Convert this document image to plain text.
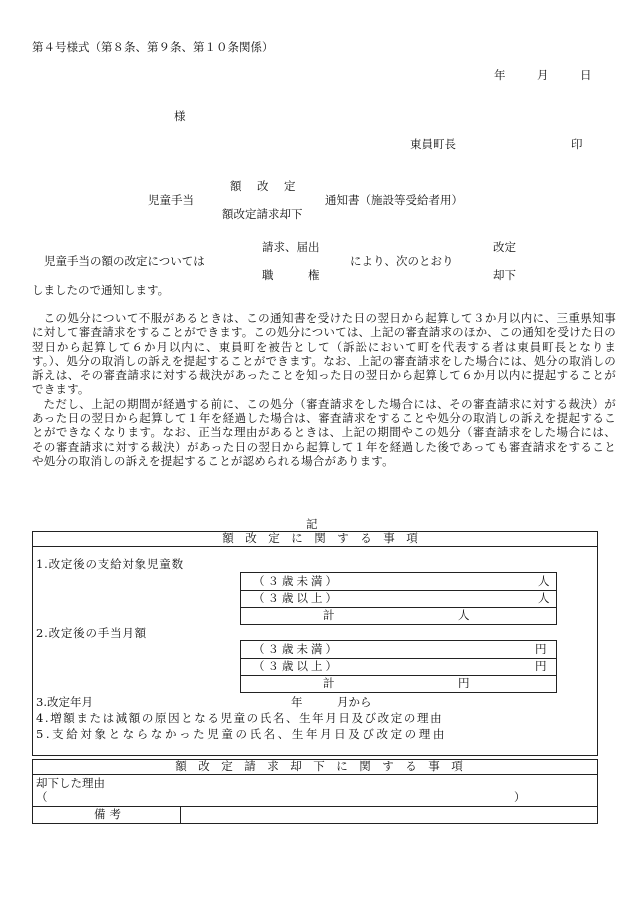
第４号様式（第８条、第９条、第１０条関係）
年	月	日
様
東員町長	印
額　改　定
児童手当	通知書（施設等受給者用）
額改定請求却下
請求、届出	改定
児童手当の額の改定については	により、次のとおり
職　　　権	却下
しましたので通知します。

この処分について不服があるときは、この通知書を受けた日の翌日から起算して３か月以内に、三重県知事に対して審査請求をすることができます。この処分については、上記の審査請求のほか、この通知を受けた日の翌日から起算して６か月以内に、東員町を被告として（訴訟において町を代表する者は東員町長となります。）、処分の取消しの訴えを提起することができます。なお、上記の審査請求をした場合には、処分の取消しの訴えは、その審査請求に対する裁決があったことを知った日の翌日から起算して６か月以内に提起することができます。

ただし、上記の期間が経過する前に、この処分（審査請求をした場合には、その審査請求に対する裁決）があった日の翌日から起算して１年を経過した場合は、審査請求をすることや処分の取消しの訴えを提起することができなくなります。なお、正当な理由があるときは、上記の期間やこの処分（審査請求をした場合には、その審査請求に対する裁決）があった日の翌日から起算して１年を経過した後であっても審査請求をすることや処分の取消しの訴えを提起することが認められる場合があります。

記
額　改　定　に　関　す　る　事　項
1.改定後の支給対象児童数
（３歳未満）	人
（３歳以上）	人
計	人
2.改定後の手当月額
（３歳未満）	円
（３歳以上）	円
計	円
3.改定年月	年	月から
4.増額または減額の原因となる児童の氏名、生年月日及び改定の理由
5.支給対象とならなかった児童の氏名、生年月日及び改定の理由
額　改　定　請　求　却　下　に　関　す　る　事　項
却下した理由
（	）
備考
